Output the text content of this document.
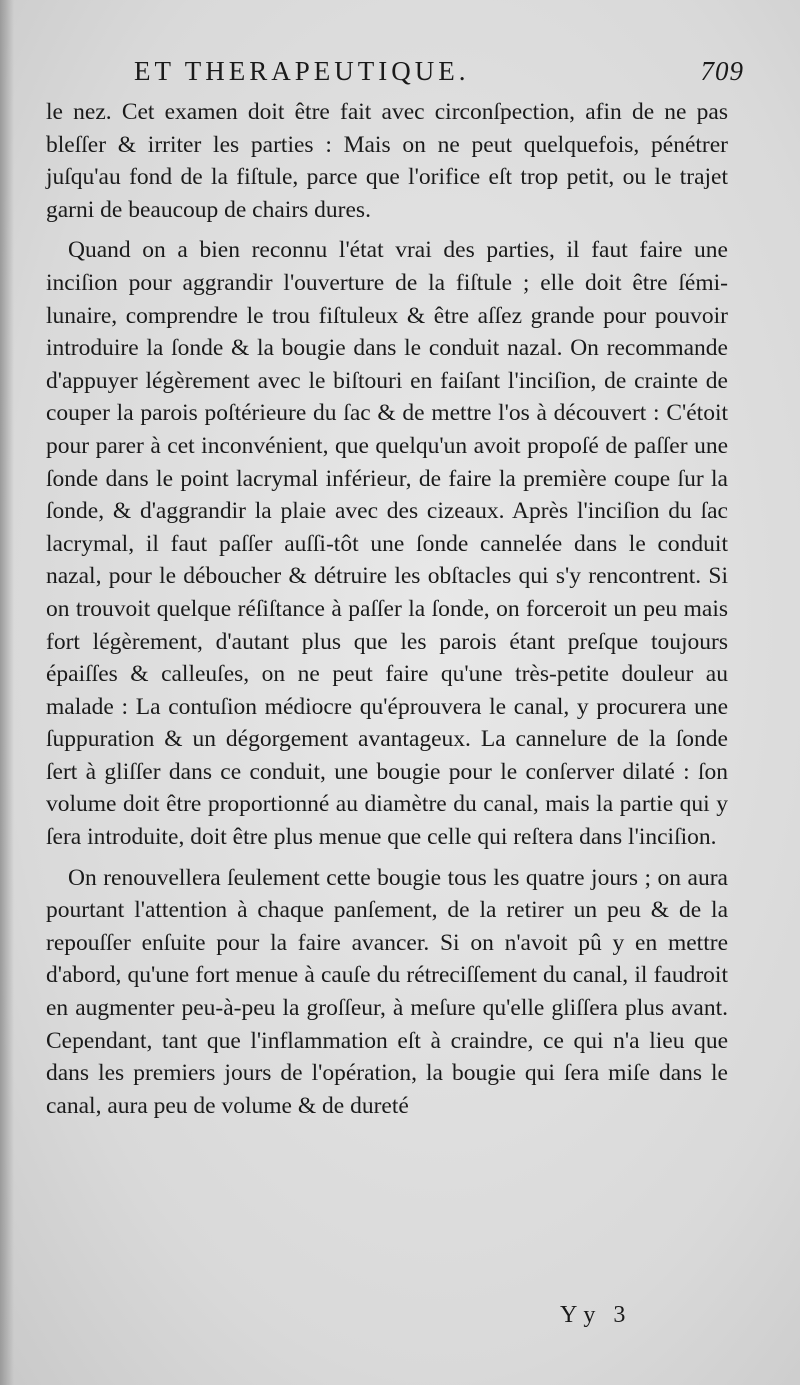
ET THERAPEUTIQUE.	709

le nez. Cet examen doit être fait avec circonſpection, afin de ne pas bleſſer & irriter les parties : Mais on ne peut quelquefois, pénétrer juſqu'au fond de la fiſtule, parce que l'orifice eſt trop petit, ou le trajet garni de beaucoup de chairs dures.

Quand on a bien reconnu l'état vrai des parties, il faut faire une inciſion pour aggrandir l'ouverture de la fiſtule ; elle doit être ſémi-lunaire, comprendre le trou fiſtuleux & être aſſez grande pour pouvoir introduire la ſonde & la bougie dans le conduit nazal. On recommande d'appuyer légèrement avec le biſtouri en faiſant l'inciſion, de crainte de couper la parois poſtérieure du ſac & de mettre l'os à découvert : C'étoit pour parer à cet inconvénient, que quelqu'un avoit propoſé de paſſer une ſonde dans le point lacrymal inférieur, de faire la première coupe ſur la ſonde, & d'aggrandir la plaie avec des cizeaux. Après l'inciſion du ſac lacrymal, il faut paſſer auſſi-tôt une ſonde cannelée dans le conduit nazal, pour le déboucher & détruire les obſtacles qui s'y rencontrent. Si on trouvoit quelque réſiſtance à paſſer la ſonde, on forceroit un peu mais fort légèrement, d'autant plus que les parois étant preſque toujours épaiſſes & calleuſes, on ne peut faire qu'une très-petite douleur au malade : La contuſion médiocre qu'éprouvera le canal, y procurera une ſuppuration & un dégorgement avantageux. La cannelure de la ſonde ſert à gliſſer dans ce conduit, une bougie pour le conſerver dilaté : ſon volume doit être proportionné au diamètre du canal, mais la partie qui y ſera introduite, doit être plus menue que celle qui reſtera dans l'inciſion.

On renouvellera ſeulement cette bougie tous les quatre jours ; on aura pourtant l'attention à chaque panſement, de la retirer un peu & de la repouſſer enſuite pour la faire avancer. Si on n'avoit pû y en mettre d'abord, qu'une fort menue à cauſe du rétreciſſement du canal, il faudroit en augmenter peu-à-peu la groſſeur, à meſure qu'elle gliſſera plus avant. Cependant, tant que l'inflammation eſt à craindre, ce qui n'a lieu que dans les premiers jours de l'opération, la bougie qui ſera miſe dans le canal, aura peu de volume & de dureté

Yy 3
